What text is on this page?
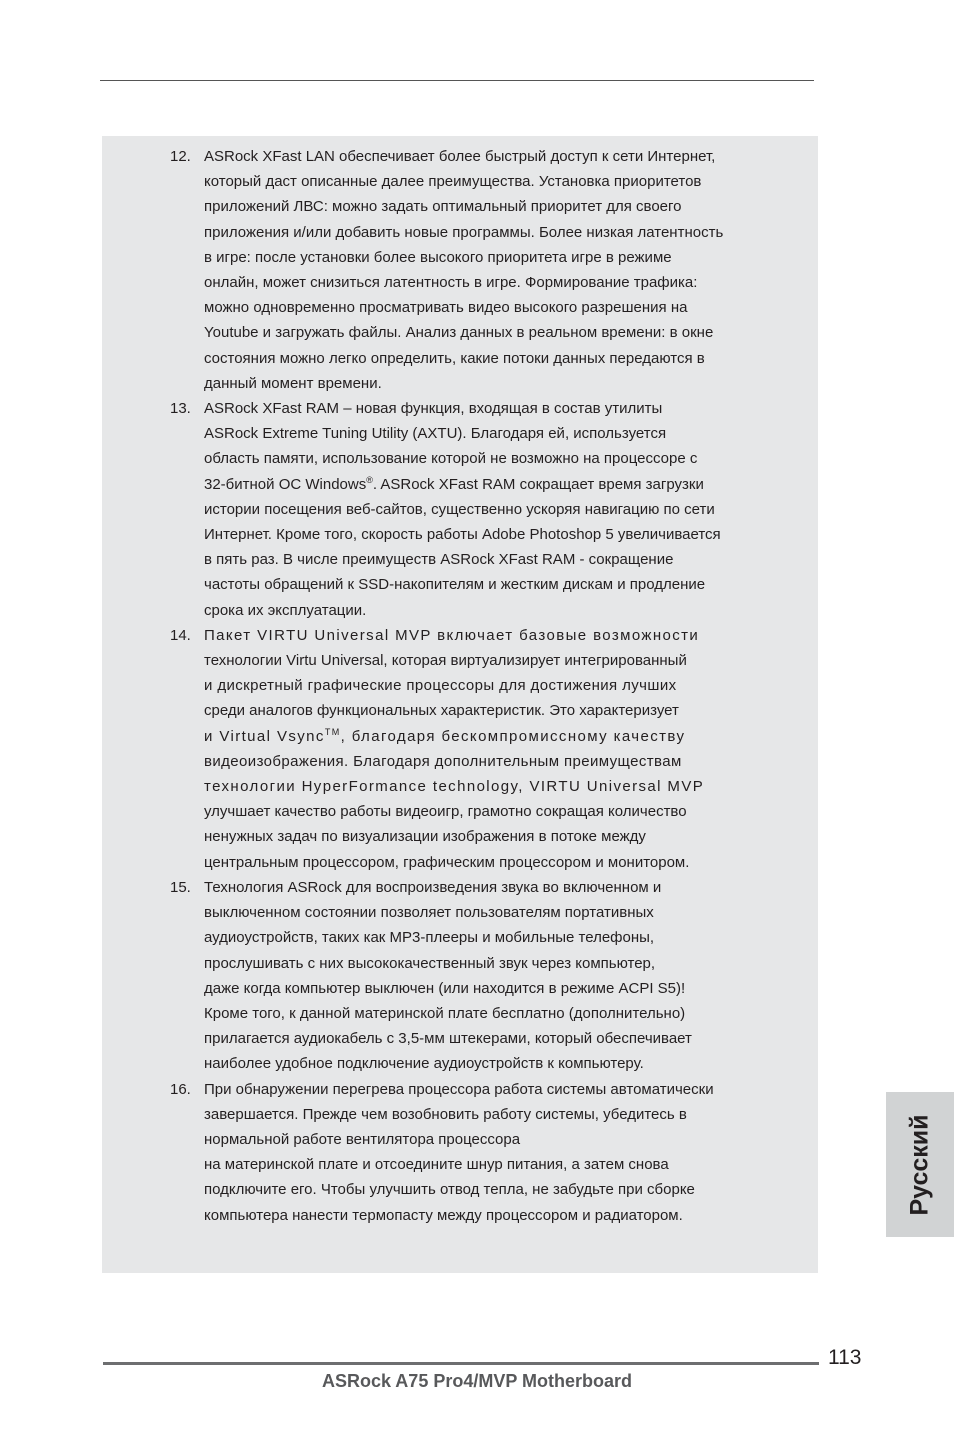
12. ASRock XFast LAN обеспечивает более быстрый доступ к сети Интернет,
который даст описанные далее преимущества. Установка приоритетов
приложений ЛВС: можно задать оптимальный приоритет для своего
приложения и/или добавить новые программы. Более низкая латентность
в игре: после установки более высокого приоритета игре в режиме
онлайн, может снизиться латентность в игре. Формирование трафика:
можно одновременно просматривать видео высокого разрешения на
Youtube и загружать файлы. Анализ данных в реальном времени: в окне
состояния можно легко определить, какие потоки данных передаются в
данный момент времени.
13. ASRock XFast RAM – новая функция, входящая в состав утилиты
ASRock Extreme Tuning Utility (AXTU). Благодаря ей, используется
область памяти, использование которой не возможно на процессоре с
32-битной ОС Windows®. ASRock XFast RAM сокращает время загрузки
истории посещения веб-сайтов, существенно ускоряя навигацию по сети
Интернет. Кроме того, скорость работы Adobe Photoshop 5 увеличивается
в пять раз. В числе преимуществ ASRock XFast RAM - сокращение
частоты обращений к SSD-накопителям и жестким дискам и продление
срока их эксплуатации.
14. Пакет VIRTU Universal MVP включает базовые возможности
технологии Virtu Universal, которая виртуализирует интегрированный
и дискретный графические процессоры для достижения лучших
среди аналогов функциональных характеристик. Это характеризует
и Virtual Vsync™, благодаря бескомпромиссному качеству
видеоизображения. Благодаря дополнительным преимуществам
технологии HyperFormance technology, VIRTU Universal MVP
улучшает качество работы видеоигр, грамотно сокращая количество
ненужных задач по визуализации изображения в потоке между
центральным процессором, графическим процессором и монитором.
15. Технология ASRock для воспроизведения звука во включенном и
выключенном состоянии позволяет пользователям портативных
аудиоустройств, таких как MP3-плееры и мобильные телефоны,
прослушивать с них высококачественный звук через компьютер,
даже когда компьютер выключен (или находится в режиме ACPI S5)!
Кроме того, к данной материнской плате бесплатно (дополнительно)
прилагается аудиокабель с 3,5-мм штекерами, который обеспечивает
наиболее удобное подключение аудиоустройств к компьютеру.
16. При обнаружении перегрева процессора работа системы автоматически
завершается. Прежде чем возобновить работу системы, убедитесь в
нормальной работе вентилятора процессора
на материнской плате и отсоедините шнур питания, а затем снова
подключите его. Чтобы улучшить отвод тепла, не забудьте при сборке
компьютера нанести термопасту между процессором и радиатором.
Русский
113
ASRock A75 Pro4/MVP Motherboard
